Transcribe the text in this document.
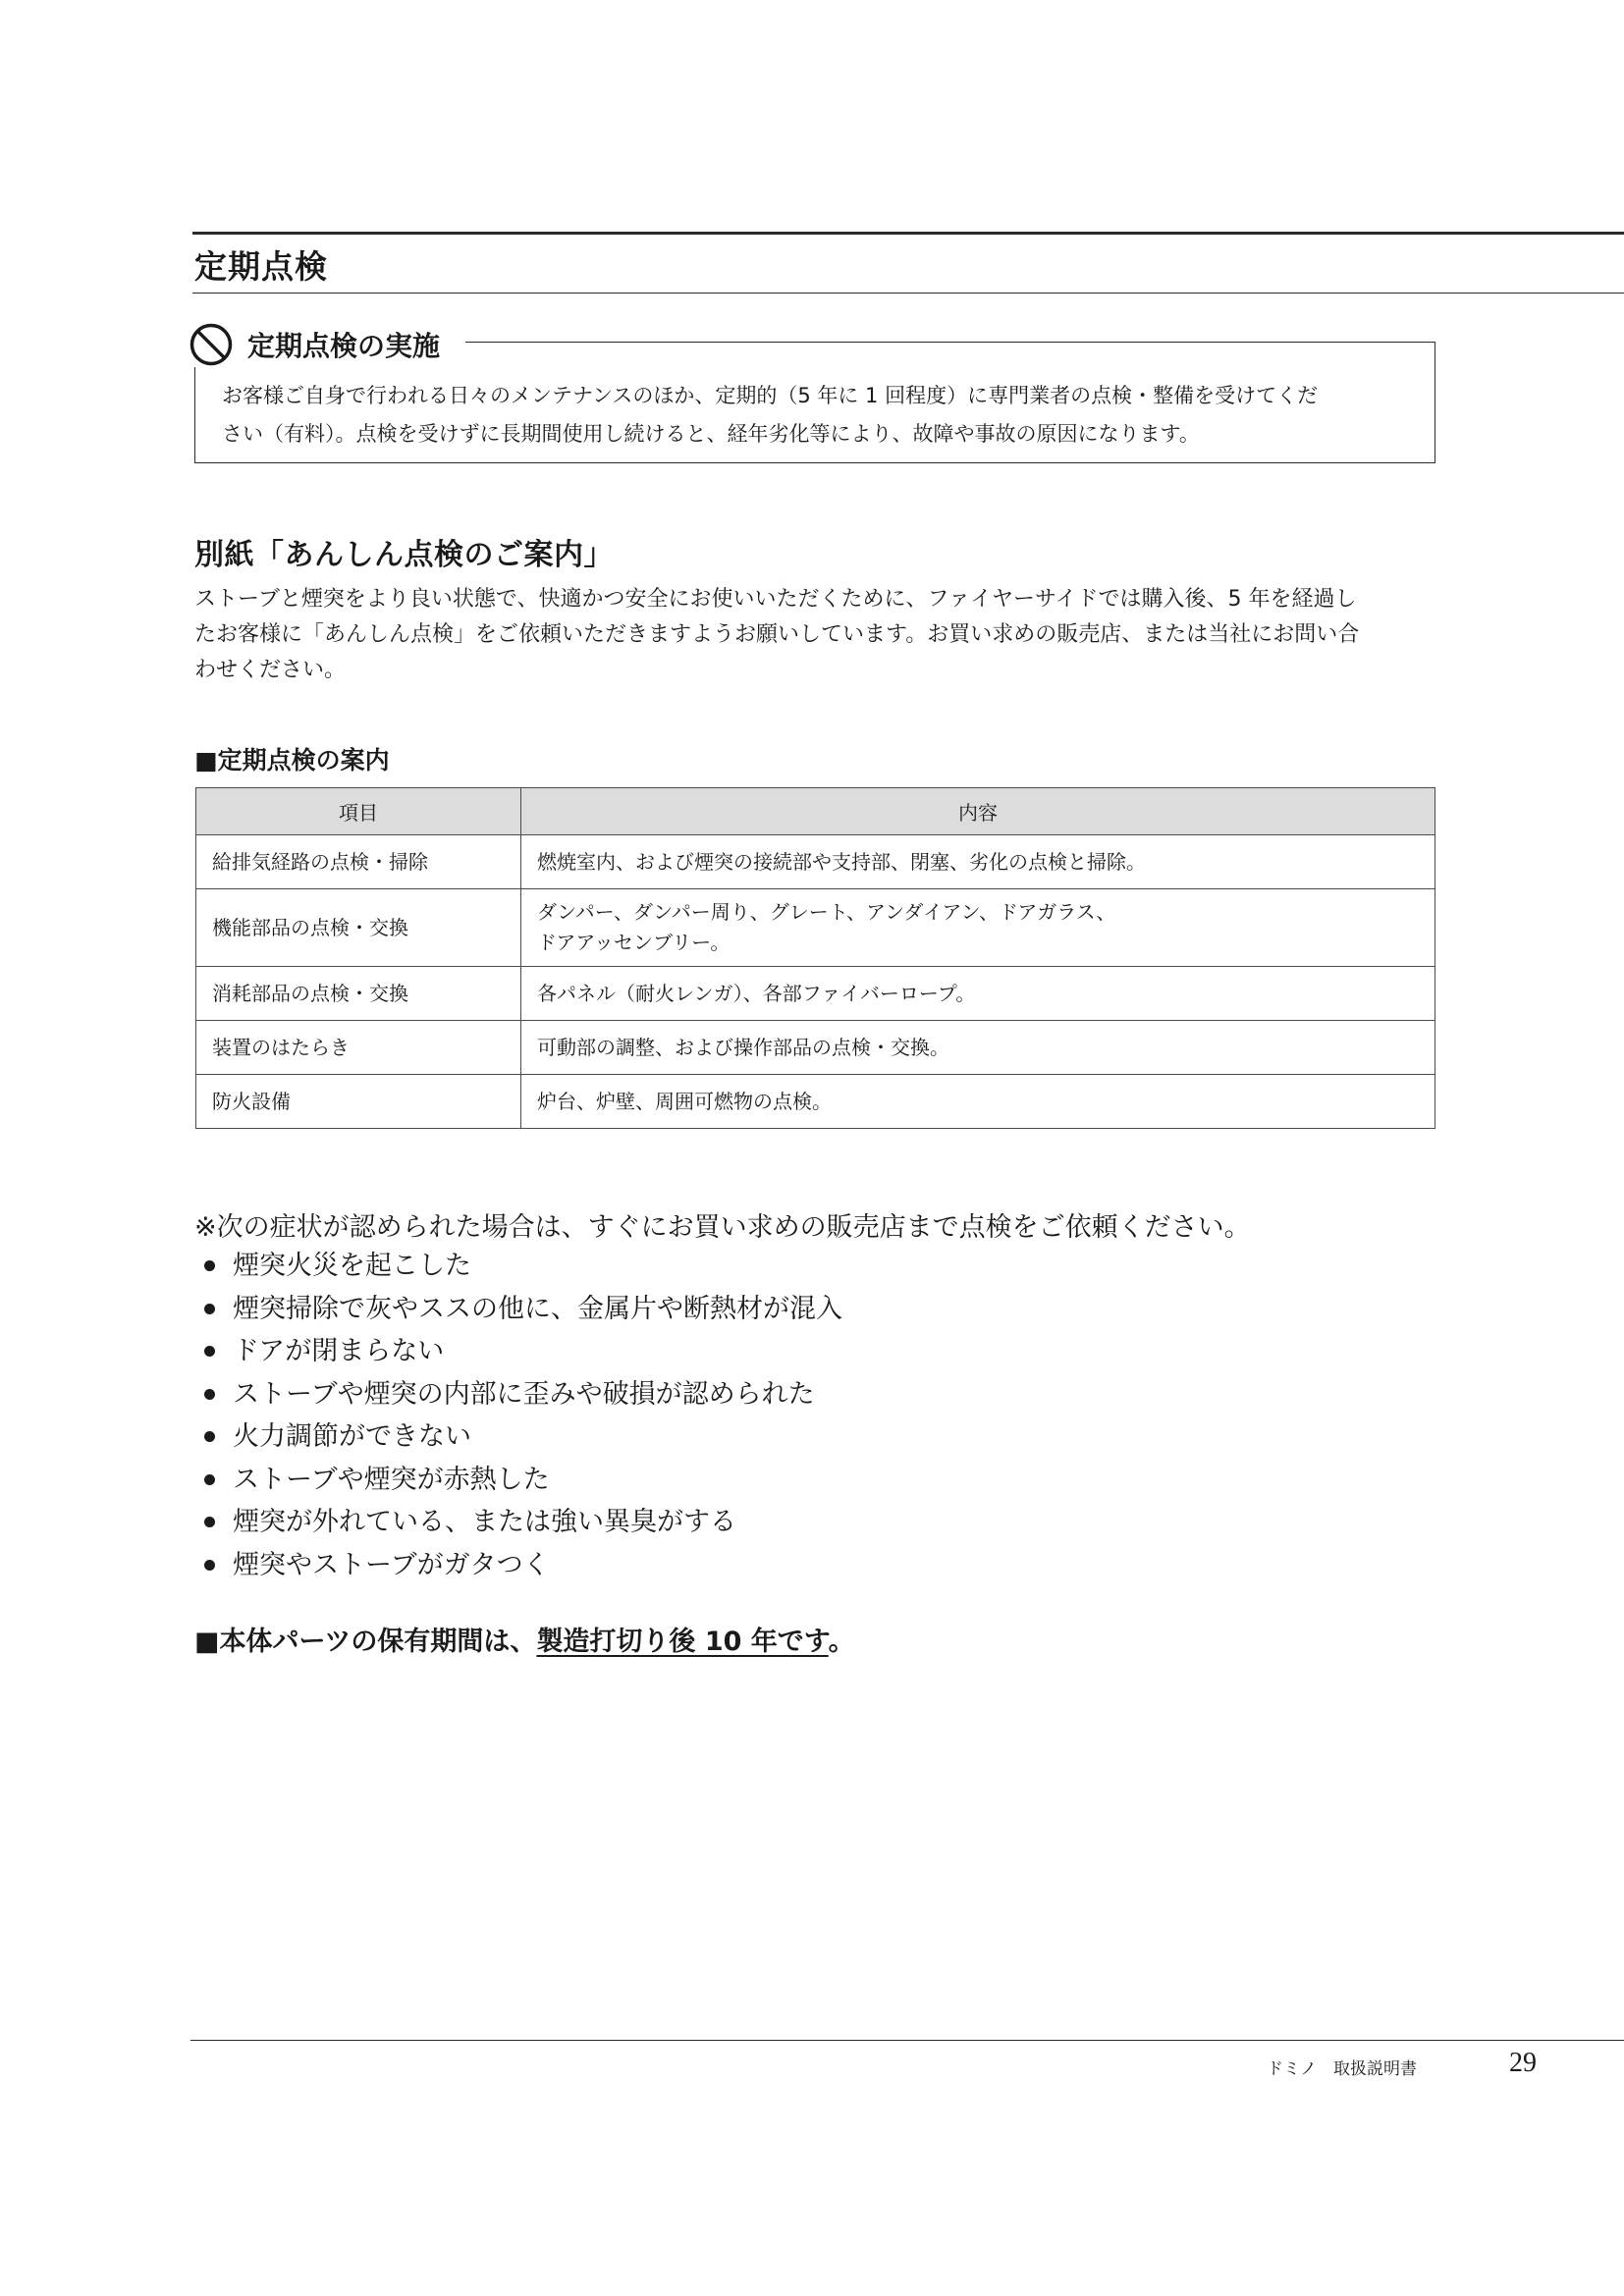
定期点検
定期点検の実施
お客様ご自身で行われる日々のメンテナンスのほか、定期的（5 年に 1 回程度）に専門業者の点検・整備を受けてくだ
さい（有料）。点検を受けずに長期間使用し続けると、経年劣化等により、故障や事故の原因になります。
別紙「あんしん点検のご案内」
ストーブと煙突をより良い状態で、快適かつ安全にお使いいただくために、ファイヤーサイドでは購入後、5 年を経過し
たお客様に「あんしん点検」をご依頼いただきますようお願いしています。お買い求めの販売店、または当社にお問い合
わせください。
■定期点検の案内
項目	内容
給排気経路の点検・掃除	燃焼室内、および煙突の接続部や支持部、閉塞、劣化の点検と掃除。

機能部品の点検・交換	ダンパー、ダンパー周り、グレート、アンダイアン、ドアガラス、
ドアアッセンブリー。

消耗部品の点検・交換	各パネル（耐火レンガ）、各部ファイバーロープ。

装置のはたらき	可動部の調整、および操作部品の点検・交換。

防火設備	炉台、炉壁、周囲可燃物の点検。

※次の症状が認められた場合は、すぐにお買い求めの販売店まで点検をご依頼ください。

煙突火災を起こした
煙突掃除で灰やススの他に、金属片や断熱材が混入
ドアが閉まらない
ストーブや煙突の内部に歪みや破損が認められた
火力調節ができない
ストーブや煙突が赤熱した
煙突が外れている、または強い異臭がする
煙突やストーブがガタつく

■本体パーツの保有期間は、製造打切り後 10 年です。

ドミノ　取扱説明書	29
